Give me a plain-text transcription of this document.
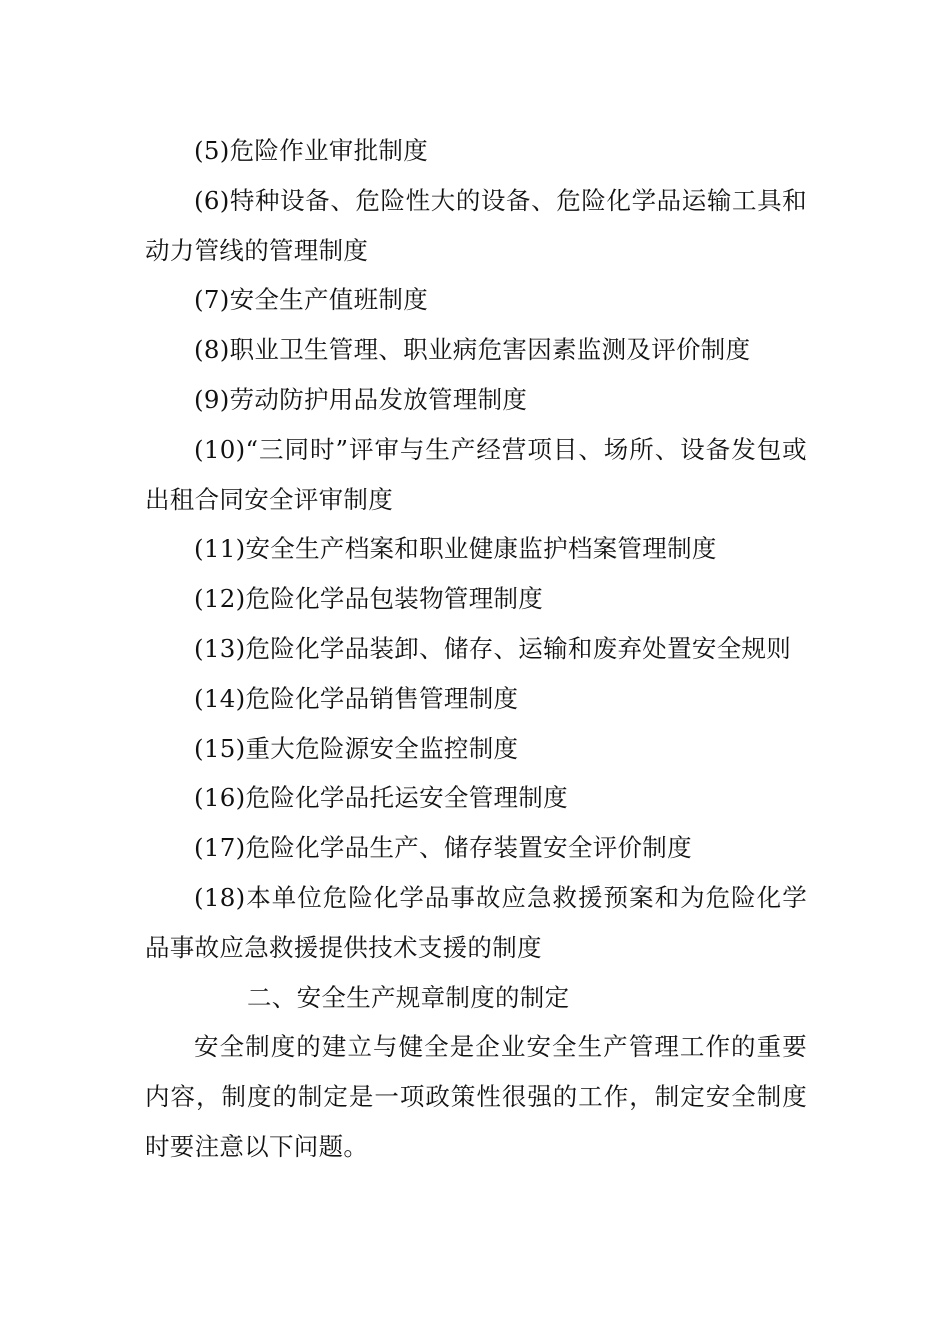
(5)危险作业审批制度

(6)特种设备、危险性大的设备、危险化学品运输工具和动力管线的管理制度

(7)安全生产值班制度

(8)职业卫生管理、职业病危害因素监测及评价制度

(9)劳动防护用品发放管理制度

(10)“三同时”评审与生产经营项目、场所、设备发包或出租合同安全评审制度

(11)安全生产档案和职业健康监护档案管理制度

(12)危险化学品包装物管理制度

(13)危险化学品装卸、储存、运输和废弃处置安全规则

(14)危险化学品销售管理制度

(15)重大危险源安全监控制度

(16)危险化学品托运安全管理制度

(17)危险化学品生产、储存装置安全评价制度

(18)本单位危险化学品事故应急救援预案和为危险化学品事故应急救援提供技术支援的制度

二、安全生产规章制度的制定

安全制度的建立与健全是企业安全生产管理工作的重要内容，制度的制定是一项政策性很强的工作，制定安全制度时要注意以下问题。
